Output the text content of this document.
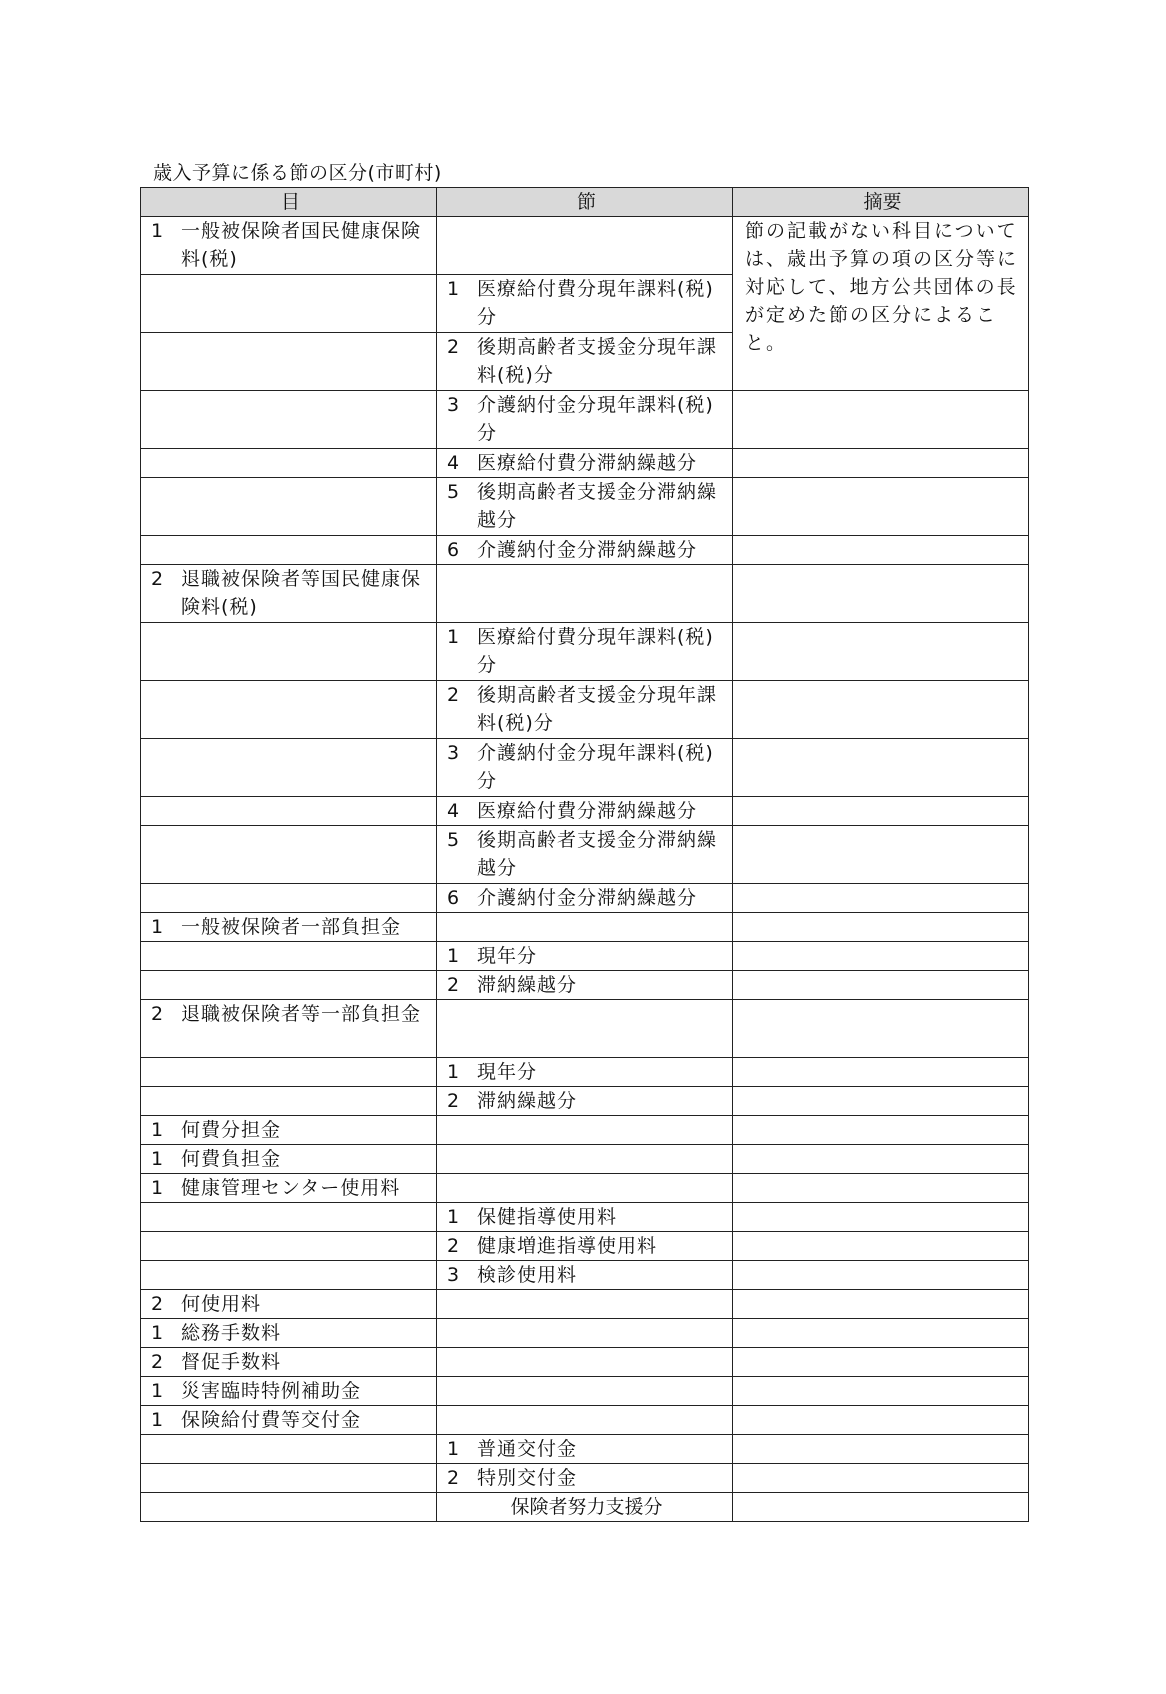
歳入予算に係る節の区分(市町村)
目	節	摘要

1 一般被保険者国民健康保険料(税)		節の記載がない科目については、歳出予算の項の区分等に対応して、地方公共団体の長が定めた節の区分によること。

	1 医療給付費分現年課料(税)分	

	2 後期高齢者支援金分現年課料(税)分	

	3 介護納付金分現年課料(税)分	

	4 医療給付費分滞納繰越分	

	5 後期高齢者支援金分滞納繰越分	

	6 介護納付金分滞納繰越分	

2 退職被保険者等国民健康保険料(税)		

	1 医療給付費分現年課料(税)分	

	2 後期高齢者支援金分現年課料(税)分	

	3 介護納付金分現年課料(税)分	

	4 医療給付費分滞納繰越分	

	5 後期高齢者支援金分滞納繰越分	

	6 介護納付金分滞納繰越分	

1 一般被保険者一部負担金		

	1 現年分	

	2 滞納繰越分	

2 退職被保険者等一部負担金		

	1 現年分	

	2 滞納繰越分	

1 何費分担金		

1 何費負担金		

1 健康管理センター使用料		

	1 保健指導使用料	

	2 健康増進指導使用料	

	3 検診使用料	

2 何使用料		

1 総務手数料		

2 督促手数料		

1 災害臨時特例補助金		

1 保険給付費等交付金		

	1 普通交付金	

	2 特別交付金	

	保険者努力支援分	
